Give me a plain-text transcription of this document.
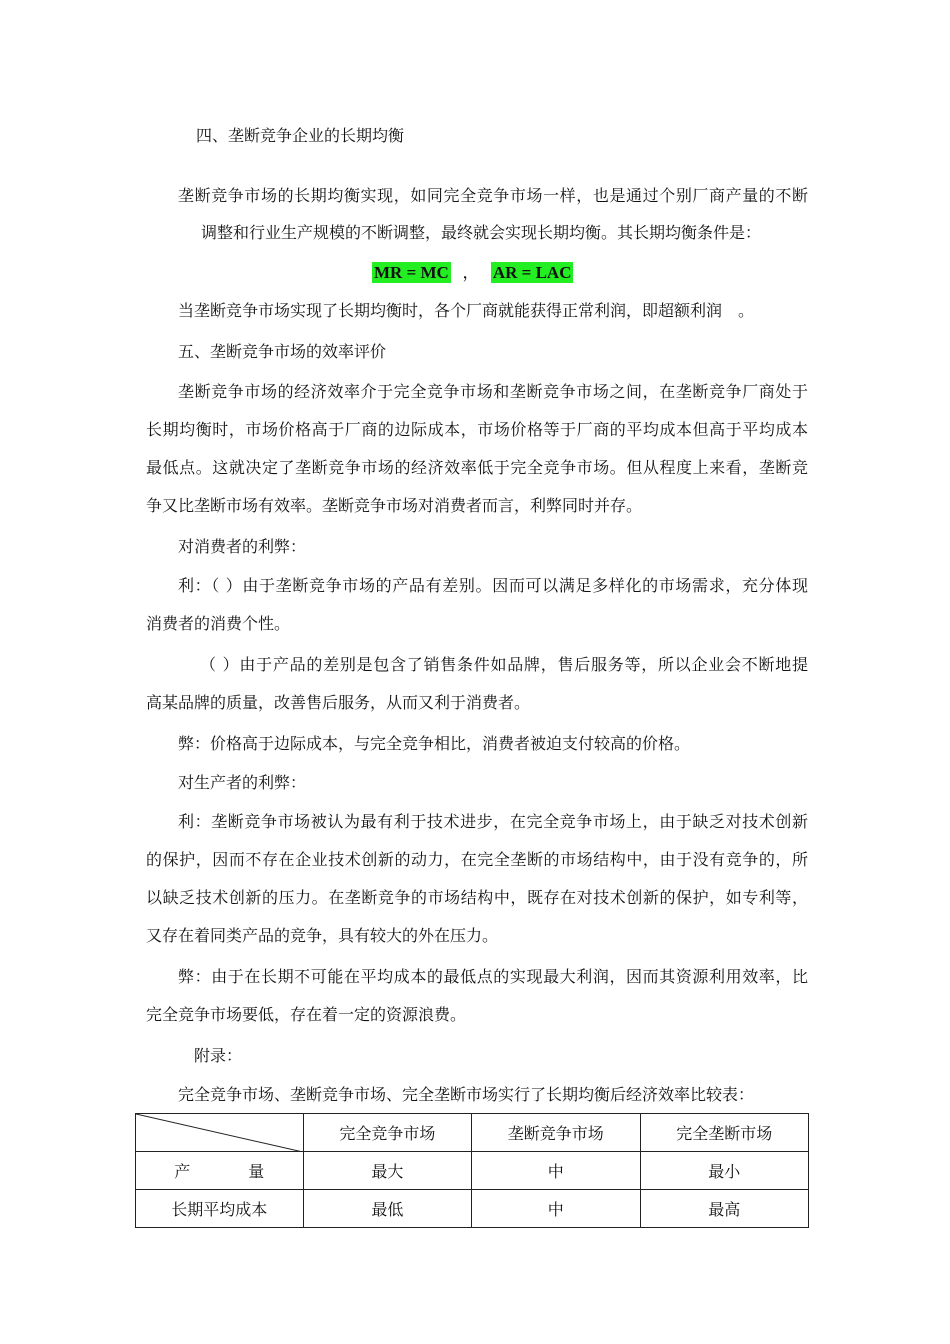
四、垄断竞争企业的长期均衡
垄断竞争市场的长期均衡实现，如同完全竞争市场一样，也是通过个别厂商产量的不断
调整和行业生产规模的不断调整，最终就会实现长期均衡。其长期均衡条件是：
MR = MC ， AR = LAC
当垄断竞争市场实现了长期均衡时，各个厂商就能获得正常利润，即超额利润　。
五、垄断竞争市场的效率评价
垄断竞争市场的经济效率介于完全竞争市场和垄断竞争市场之间，在垄断竞争厂商处于
长期均衡时，市场价格高于厂商的边际成本，市场价格等于厂商的平均成本但高于平均成本
最低点。这就决定了垄断竞争市场的经济效率低于完全竞争市场。但从程度上来看，垄断竞
争又比垄断市场有效率。垄断竞争市场对消费者而言，利弊同时并存。
对消费者的利弊：
利：（ ）由于垄断竞争市场的产品有差别。因而可以满足多样化的市场需求，充分体现
消费者的消费个性。
（ ）由于产品的差别是包含了销售条件如品牌，售后服务等，所以企业会不断地提
高某品牌的质量，改善售后服务，从而又利于消费者。
弊：价格高于边际成本，与完全竞争相比，消费者被迫支付较高的价格。
对生产者的利弊：
利：垄断竞争市场被认为最有利于技术进步，在完全竞争市场上，由于缺乏对技术创新
的保护，因而不存在企业技术创新的动力，在完全垄断的市场结构中，由于没有竞争的，所
以缺乏技术创新的压力。在垄断竞争的市场结构中，既存在对技术创新的保护，如专利等，
又存在着同类产品的竞争，具有较大的外在压力。
弊：由于在长期不可能在平均成本的最低点的实现最大利润，因而其资源利用效率，比
完全竞争市场要低，存在着一定的资源浪费。
附录：
完全竞争市场、垄断竞争市场、完全垄断市场实行了长期均衡后经济效率比较表：
	完全竞争市场	垄断竞争市场	完全垄断市场
产 量	最大	中	最小
长期平均成本	最低	中	最高
